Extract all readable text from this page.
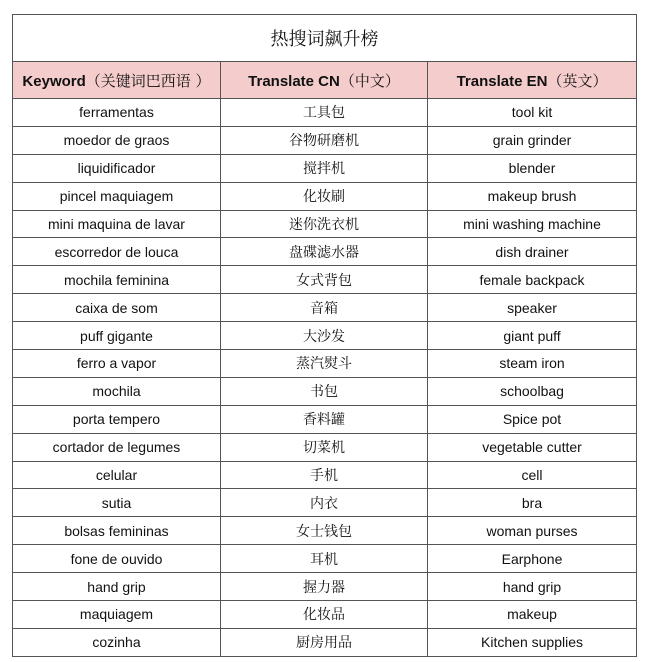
热搜词飙升榜		
Keyword（关键词巴西语 ）	Translate CN（中文）	Translate EN（英文）
ferramentas	工具包	tool kit
moedor de graos	谷物研磨机	grain grinder
liquidificador	搅拌机	blender
pincel maquiagem	化妆刷	makeup brush
mini maquina de lavar	迷你洗衣机	mini washing machine
escorredor de louca	盘碟滤水器	dish drainer
mochila feminina	女式背包	female backpack
caixa de som	音箱	speaker
puff gigante	大沙发	giant puff
ferro a vapor	蒸汽熨斗	steam iron
mochila	书包	schoolbag
porta tempero	香料罐	Spice pot
cortador de legumes	切菜机	vegetable cutter
celular	手机	cell
sutia	内衣	bra
bolsas femininas	女士钱包	woman purses
fone de ouvido	耳机	Earphone
hand grip	握力器	hand grip
maquiagem	化妆品	makeup
cozinha	厨房用品	Kitchen supplies
